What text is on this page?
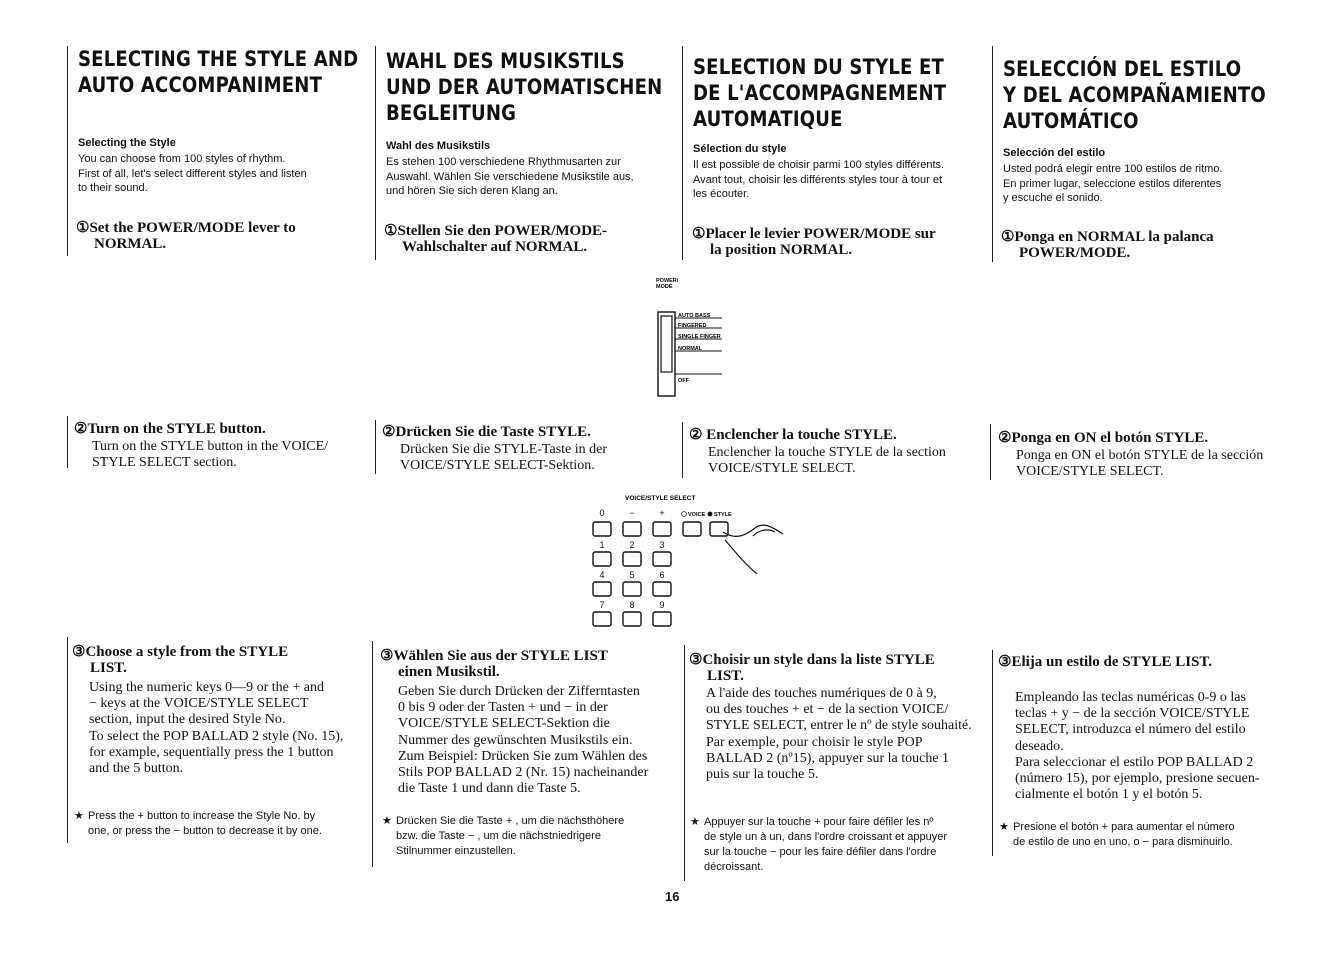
SELECTING THE STYLE AND
AUTO ACCOMPANIMENT
WAHL DES MUSIKSTILS
UND DER AUTOMATISCHEN
BEGLEITUNG
SELECTION DU STYLE ET
DE L'ACCOMPAGNEMENT
AUTOMATIQUE
SELECCIÓN DEL ESTILO
Y DEL ACOMPAÑAMIENTO
AUTOMÁTICO
Selecting the Style
You can choose from 100 styles of rhythm.
First of all, let's select different styles and listen
to their sound.
Wahl des Musikstils
Es stehen 100 verschiedene Rhythmusarten zur
Auswahl. Wählen Sie verschiedene Musikstile aus,
und hören Sie sich deren Klang an.
Sélection du style
Il est possible de choisir parmi 100 styles différents.
Avant tout, choisir les différents styles tour à tour et
les écouter.
Selección del estilo
Usted podrá elegir entre 100 estilos de ritmo.
En primer lugar, seleccione estilos diferentes
y escuche el sonido.
①Set the POWER/MODE lever to
NORMAL.
①Stellen Sie den POWER/MODE-
Wahlschalter auf NORMAL.
①Placer le levier POWER/MODE sur
la position NORMAL.
①Ponga en NORMAL la palanca
POWER/MODE.
POWER/
MODE
AUTO BASS
FINGERED
SINGLE FINGER
NORMAL
OFF
②Turn on the STYLE button.
Turn on the STYLE button in the VOICE/
STYLE SELECT section.
②Drücken Sie die Taste STYLE.
Drücken Sie die STYLE-Taste in der
VOICE/STYLE SELECT-Sektion.
② Enclencher la touche STYLE.
Enclencher la touche STYLE de la section
VOICE/STYLE SELECT.
②Ponga en ON el botón STYLE.
Ponga en ON el botón STYLE de la sección
VOICE/STYLE SELECT.
VOICE/STYLE SELECT
0	−	+	VOICE STYLE
1	2	3
4	5	6
7	8	9
③Choose a style from the STYLE
LIST.
Using the numeric keys 0—9 or the + and
− keys at the VOICE/STYLE SELECT
section, input the desired Style No.
To select the POP BALLAD 2 style (No. 15),
for example, sequentially press the 1 button
and the 5 button.
③Wählen Sie aus der STYLE LIST
einen Musikstil.
Geben Sie durch Drücken der Zifferntasten
0 bis 9 oder der Tasten + und − in der
VOICE/STYLE SELECT-Sektion die
Nummer des gewünschten Musikstils ein.
Zum Beispiel: Drücken Sie zum Wählen des
Stils POP BALLAD 2 (Nr. 15) nacheinander
die Taste 1 und dann die Taste 5.
③Choisir un style dans la liste STYLE
LIST.
A l'aide des touches numériques de 0 à 9,
ou des touches + et − de la section VOICE/
STYLE SELECT, entrer le nº de style souhaité.
Par exemple, pour choisir le style POP
BALLAD 2 (nº15), appuyer sur la touche 1
puis sur la touche 5.
③Elija un estilo de STYLE LIST.
Empleando las teclas numéricas 0-9 o las
teclas + y − de la sección VOICE/STYLE
SELECT, introduzca el número del estilo
deseado.
Para seleccionar el estilo POP BALLAD 2
(número 15), por ejemplo, presione secuen-
cialmente el botón 1 y el botón 5.
★ Press the + button to increase the Style No. by
one, or press the − button to decrease it by one.
★ Drücken Sie die Taste + , um die nächsthöhere
bzw. die Taste − , um die nächstniedrigere
Stilnummer einzustellen.
★ Appuyer sur la touche + pour faire défiler les nº
de style un à un, dans l'ordre croissant et appuyer
sur la touche − pour les faire défiler dans l'ordre
décroissant.
★ Presione el botón + para aumentar el número
de estilo de uno en uno, o − para disminuirlo.
16
